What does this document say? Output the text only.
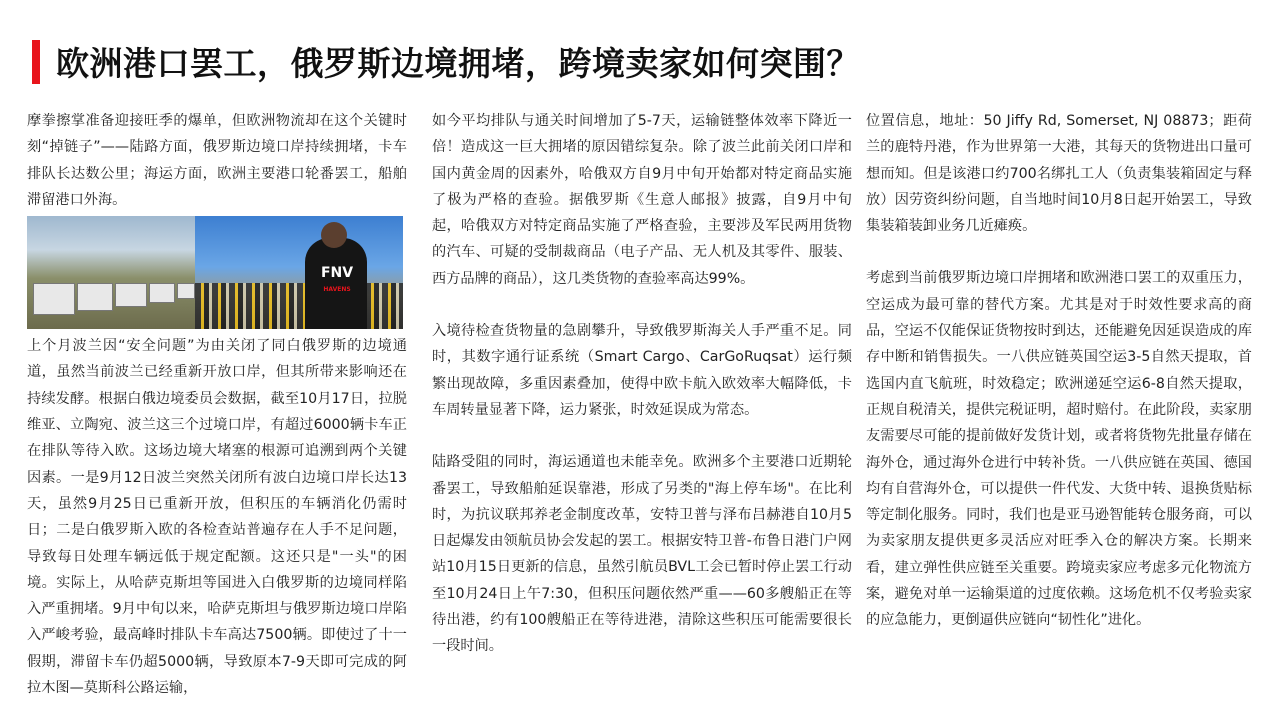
欧洲港口罢工，俄罗斯边境拥堵，跨境卖家如何突围？

摩拳擦掌准备迎接旺季的爆单，但欧洲物流却在这个关键时刻“掉链子”——陆路方面，俄罗斯边境口岸持续拥堵，卡车排队长达数公里；海运方面，欧洲主要港口轮番罢工，船舶滞留港口外海。

FNV
HAVENS

上个月波兰因“安全问题”为由关闭了同白俄罗斯的边境通道，虽然当前波兰已经重新开放口岸，但其所带来影响还在持续发酵。根据白俄边境委员会数据，截至10月17日，拉脱维亚、立陶宛、波兰这三个过境口岸，有超过6000辆卡车正在排队等待入欧。这场边境大堵塞的根源可追溯到两个关键因素。一是9月12日波兰突然关闭所有波白边境口岸长达13天，虽然9月25日已重新开放，但积压的车辆消化仍需时日；二是白俄罗斯入欧的各检查站普遍存在人手不足问题，导致每日处理车辆远低于规定配额。这还只是"一头"的困境。实际上，从哈萨克斯坦等国进入白俄罗斯的边境同样陷入严重拥堵。9月中旬以来，哈萨克斯坦与俄罗斯边境口岸陷入严峻考验，最高峰时排队卡车高达7500辆。即使过了十一假期，滞留卡车仍超5000辆，导致原本7-9天即可完成的阿拉木图—莫斯科公路运输，

如今平均排队与通关时间增加了5-7天，运输链整体效率下降近一倍！造成这一巨大拥堵的原因错综复杂。除了波兰此前关闭口岸和国内黄金周的因素外，哈俄双方自9月中旬开始都对特定商品实施了极为严格的查验。据俄罗斯《生意人邮报》披露，自9月中旬起，哈俄双方对特定商品实施了严格查验，主要涉及军民两用货物的汽车、可疑的受制裁商品（电子产品、无人机及其零件、服装、西方品牌的商品），这几类货物的查验率高达99%。

入境待检查货物量的急剧攀升，导致俄罗斯海关人手严重不足。同时，其数字通行证系统（Smart Cargo、CarGoRuqsat）运行频繁出现故障，多重因素叠加，使得中欧卡航入欧效率大幅降低，卡车周转量显著下降，运力紧张，时效延误成为常态。

陆路受阻的同时，海运通道也未能幸免。欧洲多个主要港口近期轮番罢工，导致船舶延误靠港，形成了另类的"海上停车场"。在比利时，为抗议联邦养老金制度改革，安特卫普与泽布吕赫港自10月5日起爆发由领航员协会发起的罢工。根据安特卫普-布鲁日港门户网站10月15日更新的信息，虽然引航员BVL工会已暂时停止罢工行动至10月24日上午7:30，但积压问题依然严重——60多艘船正在等待出港，约有100艘船正在等待进港，清除这些积压可能需要很长一段时间。

位置信息，地址：50 Jiffy Rd, Somerset, NJ 08873；距荷兰的鹿特丹港，作为世界第一大港，其每天的货物进出口量可想而知。但是该港口约700名绑扎工人（负责集装箱固定与释放）因劳资纠纷问题，自当地时间10月8日起开始罢工，导致集装箱装卸业务几近瘫痪。

考虑到当前俄罗斯边境口岸拥堵和欧洲港口罢工的双重压力，空运成为最可靠的替代方案。尤其是对于时效性要求高的商品，空运不仅能保证货物按时到达，还能避免因延误造成的库存中断和销售损失。一八供应链英国空运3-5自然天提取，首选国内直飞航班，时效稳定；欧洲递延空运6-8自然天提取，正规自税清关，提供完税证明，超时赔付。在此阶段，卖家朋友需要尽可能的提前做好发货计划，或者将货物先批量存储在海外仓，通过海外仓进行中转补货。一八供应链在英国、德国均有自营海外仓，可以提供一件代发、大货中转、退换货贴标等定制化服务。同时，我们也是亚马逊智能转仓服务商，可以为卖家朋友提供更多灵活应对旺季入仓的解决方案。长期来看，建立弹性供应链至关重要。跨境卖家应考虑多元化物流方案，避免对单一运输渠道的过度依赖。这场危机不仅考验卖家的应急能力，更倒逼供应链向“韧性化”进化。
